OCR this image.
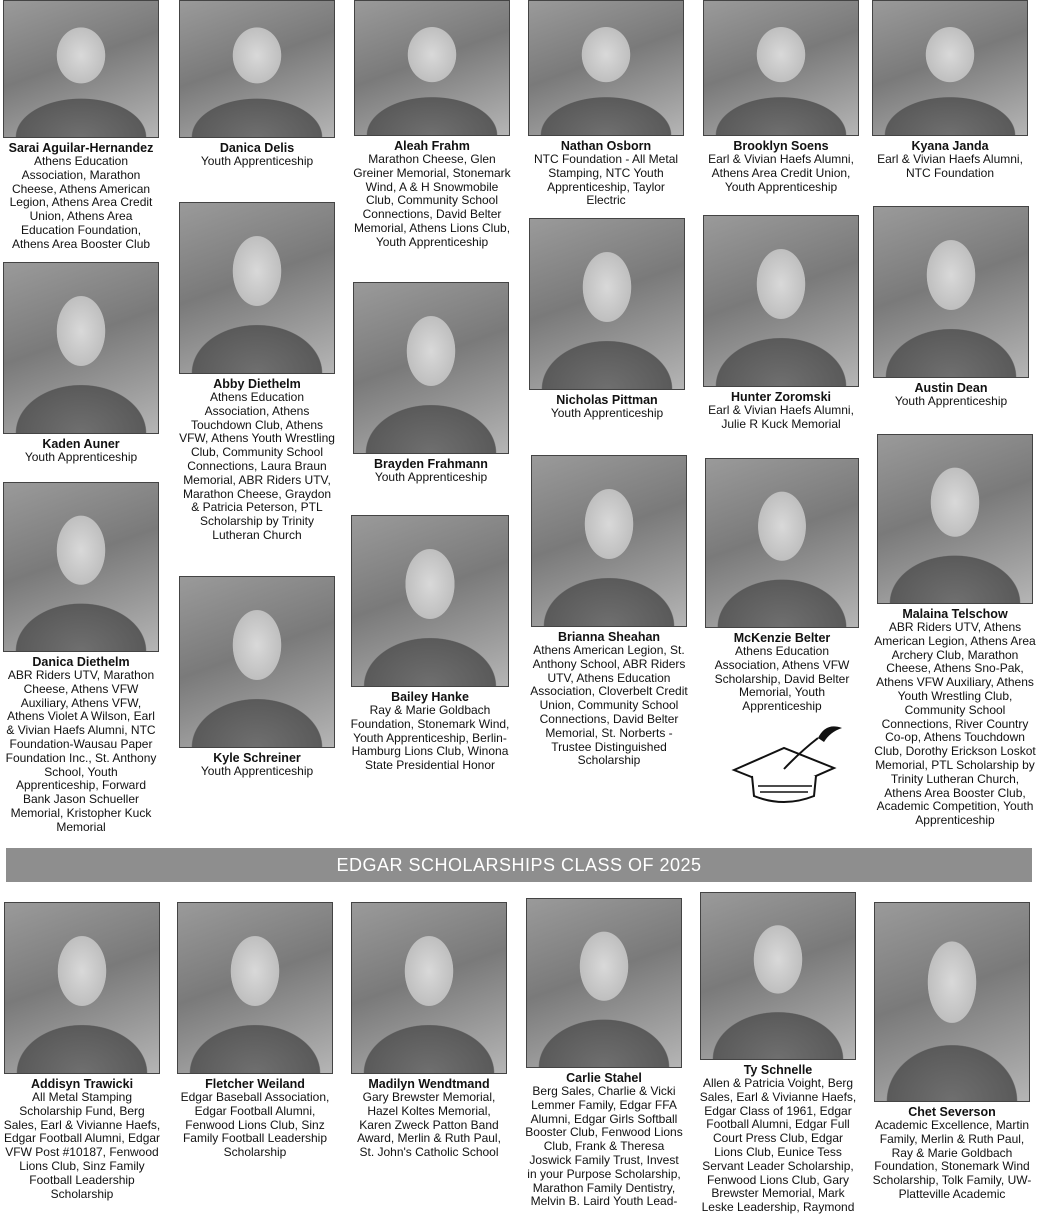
Sarai Aguilar-Hernandez
Athens Education Association, Marathon Cheese, Athens American Legion, Athens Area Credit Union, Athens Area Education Foundation, Athens Area Booster Club
Danica Delis
Youth Apprenticeship
Aleah Frahm
Marathon Cheese, Glen Greiner Memorial, Stonemark Wind, A & H Snowmobile Club, Community School Connections, David Belter Memorial, Athens Lions Club, Youth Apprenticeship
Nathan Osborn
NTC Foundation - All Metal Stamping, NTC Youth Apprenticeship, Taylor Electric
Brooklyn Soens
Earl & Vivian Haefs Alumni, Athens Area Credit Union, Youth Apprenticeship
Kyana Janda
Earl & Vivian Haefs Alumni, NTC Foundation
Kaden Auner
Youth Apprenticeship
Abby Diethelm
Athens Education Association, Athens Touchdown Club, Athens VFW, Athens Youth Wrestling Club, Community School Connections, Laura Braun Memorial, ABR Riders UTV, Marathon Cheese, Graydon & Patricia Peterson, PTL Scholarship by Trinity Lutheran Church
Brayden Frahmann
Youth Apprenticeship
Nicholas Pittman
Youth Apprenticeship
Hunter Zoromski
Earl & Vivian Haefs Alumni, Julie R Kuck Memorial
Austin Dean
Youth Apprenticeship
Danica Diethelm
ABR Riders UTV, Marathon Cheese, Athens VFW Auxiliary, Athens VFW, Athens Violet A Wilson, Earl & Vivian Haefs Alumni, NTC Foundation-Wausau Paper Foundation Inc., St. Anthony School, Youth Apprenticeship, Forward Bank Jason Schueller Memorial, Kristopher Kuck Memorial
Kyle Schreiner
Youth Apprenticeship
Bailey Hanke
Ray & Marie Goldbach Foundation, Stonemark Wind, Youth Apprenticeship, Berlin-Hamburg Lions Club, Winona State Presidential Honor
Brianna Sheahan
Athens American Legion, St. Anthony School, ABR Riders UTV, Athens Education Association, Cloverbelt Credit Union, Community School Connections, David Belter Memorial, St. Norberts - Trustee Distinguished Scholarship
McKenzie Belter
Athens Education Association, Athens VFW Scholarship, David Belter Memorial, Youth Apprenticeship
Malaina Telschow
ABR Riders UTV, Athens American Legion, Athens Area Archery Club, Marathon Cheese, Athens Sno-Pak, Athens VFW Auxiliary, Athens Youth Wrestling Club, Community School Connections, River Country Co-op, Athens Touchdown Club, Dorothy Erickson Loskot Memorial, PTL Scholarship by Trinity Lutheran Church, Athens Area Booster Club, Academic Competition, Youth Apprenticeship
EDGAR SCHOLARSHIPS CLASS OF 2025
Addisyn Trawicki
All Metal Stamping Scholarship Fund, Berg Sales, Earl & Vivianne Haefs, Edgar Football Alumni, Edgar VFW Post #10187, Fenwood Lions Club, Sinz Family Football Leadership Scholarship
Fletcher Weiland
Edgar Baseball Association, Edgar Football Alumni, Fenwood Lions Club, Sinz Family Football Leadership Scholarship
Madilyn Wendtmand
Gary Brewster Memorial, Hazel Koltes Memorial, Karen Zweck Patton Band Award, Merlin & Ruth Paul, St. John's Catholic School
Carlie Stahel
Berg Sales, Charlie & Vicki Lemmer Family, Edgar FFA Alumni, Edgar Girls Softball Booster Club, Fenwood Lions Club, Frank & Theresa Joswick Family Trust, Invest in your Purpose Scholarship, Marathon Family Dentistry, Melvin B. Laird Youth Lead-
Ty Schnelle
Allen & Patricia Voight, Berg Sales, Earl & Vivianne Haefs, Edgar Class of 1961, Edgar Football Alumni, Edgar Full Court Press Club, Edgar Lions Club, Eunice Tess Servant Leader Scholarship, Fenwood Lions Club, Gary Brewster Memorial, Mark Leske Leadership, Raymond
Chet Severson
Academic Excellence, Martin Family, Merlin & Ruth Paul, Ray & Marie Goldbach Foundation, Stonemark Wind Scholarship, Tolk Family, UW-Platteville Academic
